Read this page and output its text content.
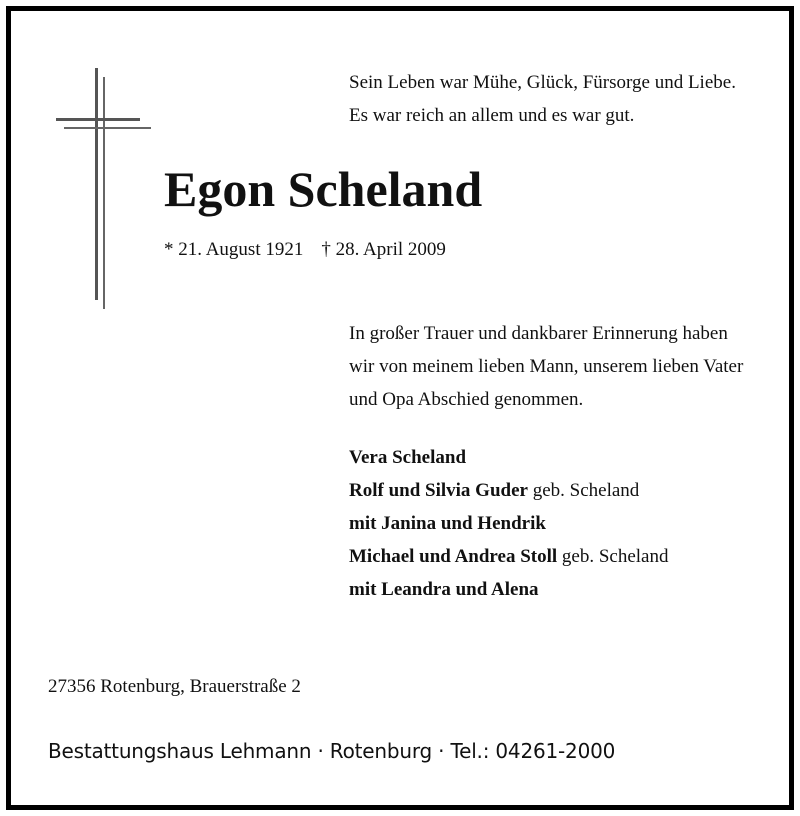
Sein Leben war Mühe, Glück, Fürsorge und Liebe.
Es war reich an allem und es war gut.
Egon Scheland
* 21. August 1921 † 28. April 2009
In großer Trauer und dankbarer Erinnerung haben
wir von meinem lieben Mann, unserem lieben Vater
und Opa Abschied genommen.
Vera Scheland
Rolf und Silvia Guder geb. Scheland
mit Janina und Hendrik
Michael und Andrea Stoll geb. Scheland
mit Leandra und Alena
27356 Rotenburg, Brauerstraße 2
Bestattungshaus Lehmann · Rotenburg · Tel.: 04261-2000
